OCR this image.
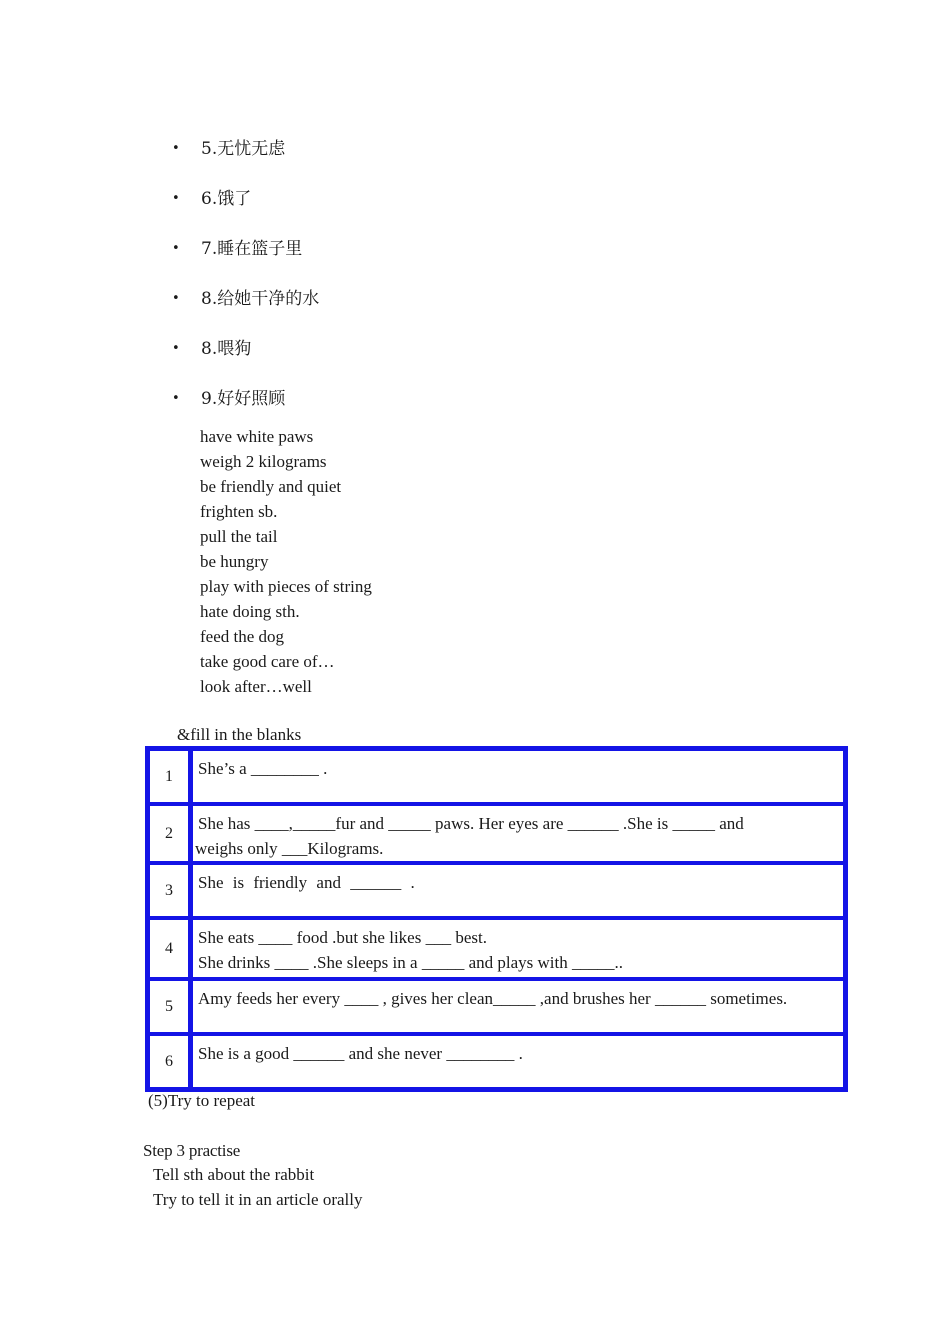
• 5.无忧无虑
• 6.饿了
• 7.睡在篮子里
• 8.给她干净的水
• 8.喂狗
• 9.好好照顾
have white paws
weigh 2 kilograms
be friendly and quiet
frighten sb.
pull the tail
be hungry
play with pieces of string
hate doing sth.
feed the dog
take good care of…
look after…well
&fill in the blanks
1	She’s a ________ .

2	She has ____,_____fur and _____ paws. Her eyes are ______ .She is _____ and
weighs only ___Kilograms.

3	She is friendly and ______ .

4	She eats ____ food .but she likes ___ best.
She drinks ____ .She sleeps in a _____ and plays with _____..

5	Amy feeds her every ____ , gives her clean_____ ,and brushes her ______ sometimes.

6	She is a good ______ and she never ________ .
(5)Try to repeat
Step 3 practise
Tell sth about the rabbit
Try to tell it in an article orally
